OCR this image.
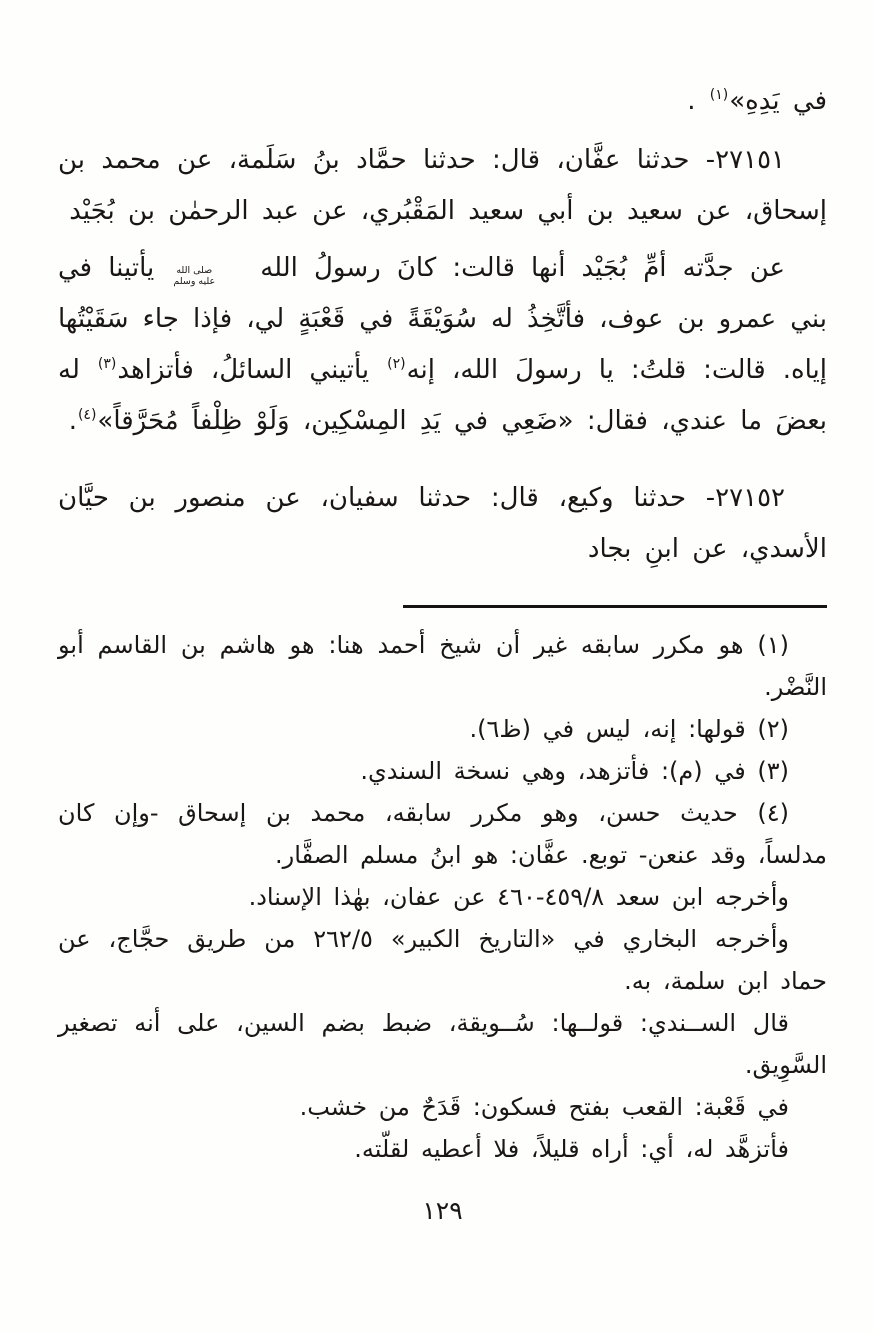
في يَدِهِ»$^{(١)}$ .

٢٧١٥١- حدثنا عفَّان، قال: حدثنا حمَّاد بنُ سَلَمة، عن محمد بن إسحاق، عن سعيد بن أبي سعيد المَقْبُري، عن عبد الرحمٰن بن بُجَيْد

عن جدَّته أمِّ بُجَيْد أنها قالت: كانَ رسولُ الله
صلى الله
عليه وسلم
يأتينا في بني عمرو بن عوف، فأتَّخِذُ له سُوَيْقَةً في قَعْبَةٍ لي، فإذا جاء سَقَيْتُها إياه. قالت: قلتُ: يا رسولَ الله، إنه$^{(٢)}$ يأتيني السائلُ، فأتزاهد$^{(٣)}$ له بعضَ ما عندي، فقال: «ضَعِي في يَدِ المِسْكِين، وَلَوْ ظِلْفاً مُحَرَّقاً»$^{(٤)}$.

٢٧١٥٢- حدثنا وكيع، قال: حدثنا سفيان، عن منصور بن حيَّان الأسدي، عن ابنِ بجاد

(١) هو مكرر سابقه غير أن شيخ أحمد هنا: هو هاشم بن القاسم أبو النَّضْر.

(٢) قولها: إنه، ليس في (ظ٦).

(٣) في (م): فأتزهد، وهي نسخة السندي.

(٤) حديث حسن، وهو مكرر سابقه، محمد بن إسحاق -وإن كان مدلساً، وقد عنعن- توبع. عفَّان: هو ابنُ مسلم الصفَّار.

وأخرجه ابن سعد ٤٥٩/٨-٤٦٠ عن عفان، بهٰذا الإسناد.

وأخرجه البخاري في «التاريخ الكبير» ٢٦٢/٥ من طريق حجَّاج، عن حماد ابن سلمة، به.

قال الســندي: قولــها: سُــويقة، ضبط بضم السين، على أنه تصغير السَّوِيق.

في قَعْبة: القعب بفتح فسكون: قَدَحٌ من خشب.

فأتزهَّد له، أي: أراه قليلاً، فلا أعطيه لقلّته.

١٢٩
